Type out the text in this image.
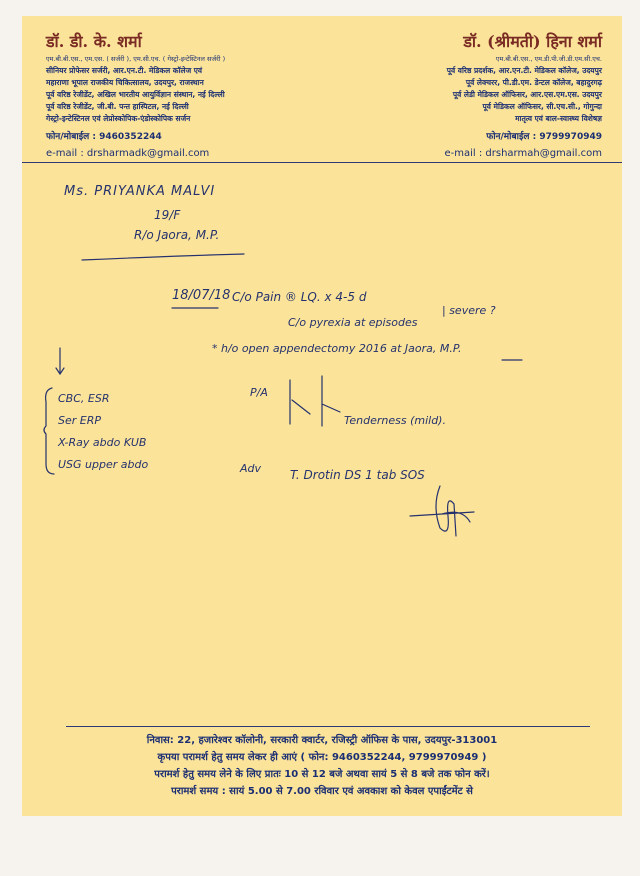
डॉ. डी. के. शर्मा
एम.बी.बी.एस., एम.एस. ( सर्जरी ), एम.सी.एच. ( गेस्ट्रो-इन्टेस्टिनल सर्जरी )
सीनियर प्रोफेसर सर्जरी, आर.एन.टी. मेडिकल कॉलेज एवं
महाराणा भूपाल राजकीय चिकित्सालय, उदयपुर, राजस्थान
पूर्व वरिष्ठ रेजीडेंट, अखिल भारतीय आयुर्विज्ञान संस्थान, नई दिल्ली
पूर्व वरिष्ठ रेजीडेंट, जी.बी. पन्त हास्पिटल, नई दिल्ली
गेस्ट्रो-इन्टेस्टिनल एवं लेप्रोस्कोपिक-एंडोस्कोपिक सर्जन
फोन/मोबाईल : 9460352244
e-mail : drsharmadk@gmail.com
डॉ. (श्रीमती) हिना शर्मा
एम.बी.बी.एस., एम.डी.पी.जी.डी.एम.सी.एच.
पूर्व वरिष्ठ प्रदर्शक, आर.एन.टी. मेडिकल कॉलेज, उदयपुर
पूर्व लेक्चरर, पी.डी.एम. डेन्टल कॉलेज, बहादुरगढ़
पूर्व लेडी मेडिकल ऑफिसर, आर.एस.एम.एस. उदयपुर
पूर्व मेडिकल ऑफिसर, सी.एच.सी., गोगुन्दा
मातृत्व एवं बाल-स्वास्थ्य विशेषज्ञ
फोन/मोबाईल : 9799970949
e-mail : drsharmah@gmail.com
Ms. PRIYANKA MALVI
19/F
R/o Jaora, M.P.
18/07/18 C/o Pain ® LQ. x 4-5 d
| severe ?
C/o pyrexia at episodes
* h/o open appendectomy 2016 at Jaora, M.P.
P/A
Tenderness (mild).
Adv T. Drotin DS 1 tab SOS
CBC, ESR
Ser ERP
X-Ray abdo KUB
USG upper abdo
निवास: 22, हजारेश्वर कॉलोनी, सरकारी क्वार्टर, रजिस्ट्री ऑफिस के पास, उदयपुर-313001
कृपया परामर्श हेतु समय लेकर ही आएं ( फोन: 9460352244, 9799970949 )
परामर्श हेतु समय लेने के लिए प्रातः 10 से 12 बजे अथवा सायं 5 से 8 बजे तक फोन करें।
परामर्श समय : सायं 5.00 से 7.00 रविवार एवं अवकाश को केवल एपाईंटमेंट से
